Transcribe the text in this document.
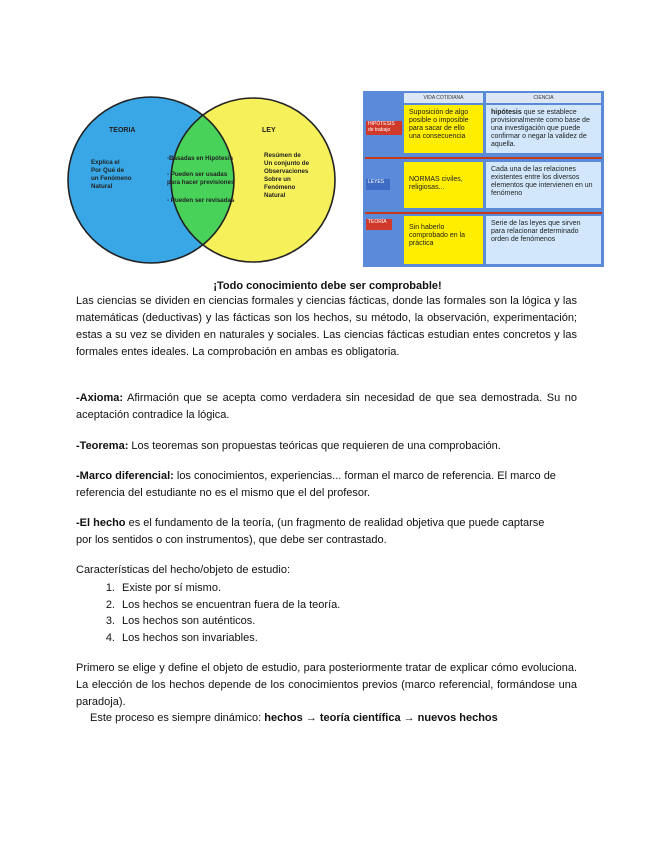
TEORIA
Explica el Por Qué de un Fenómeno Natural
LEY
Resúmen de Un conjunto de Observaciones Sobre un Fenómeno Natural
-Basadas en Hipótesis - Pueden ser usadas para hacer previsiones - Pueden ser revisadas
VIDA COTIDIANA	CIENCIA
HIPÓTESIS de trabajo
Suposición de algo posible o imposible para sacar de ello una consecuencia
hipótesis que se establece provisionalmente como base de una investigación que puede confirmar o negar la validez de aquella.
LEYES	NORMAS civiles, religiosas...
Cada una de las relaciones existentes entre los diversos elementos que intervienen en un fenómeno
TEORÍA
Sin haberlo comprobado en la práctica
Serie de las leyes que sirven para relacionar determinado orden de fenómenos
¡Todo conocimiento debe ser comprobable!

Las ciencias se dividen en ciencias formales y ciencias fácticas, donde las formales son la lógica y las matemáticas (deductivas) y las fácticas son los hechos, su método, la observación, experimentación; estas a su vez se dividen en naturales y sociales. Las ciencias fácticas estudian entes concretos y las formales entes ideales. La comprobación en ambas es obligatoria.

-Axioma: Afirmación que se acepta como verdadera sin necesidad de que sea demostrada. Su no aceptación contradice la lógica.

-Teorema: Los teoremas son propuestas teóricas que requieren de una comprobación.

-Marco diferencial: los conocimientos, experiencias... forman el marco de referencia. El marco de referencia del estudiante no es el mismo que el del profesor.

-El hecho es el fundamento de la teoría, (un fragmento de realidad objetiva que puede captarse por los sentidos o con instrumentos), que debe ser contrastado.

Características del hecho/objeto de estudio:

1. Existe por sí mismo.
2. Los hechos se encuentran fuera de la teoría.
3. Los hechos son auténticos.
4. Los hechos son invariables.

Primero se elige y define el objeto de estudio, para posteriormente tratar de explicar cómo evoluciona. La elección de los hechos depende de los conocimientos previos (marco referencial, formándose una paradoja).

Este proceso es siempre dinámico: hechos → teoría científica → nuevos hechos
